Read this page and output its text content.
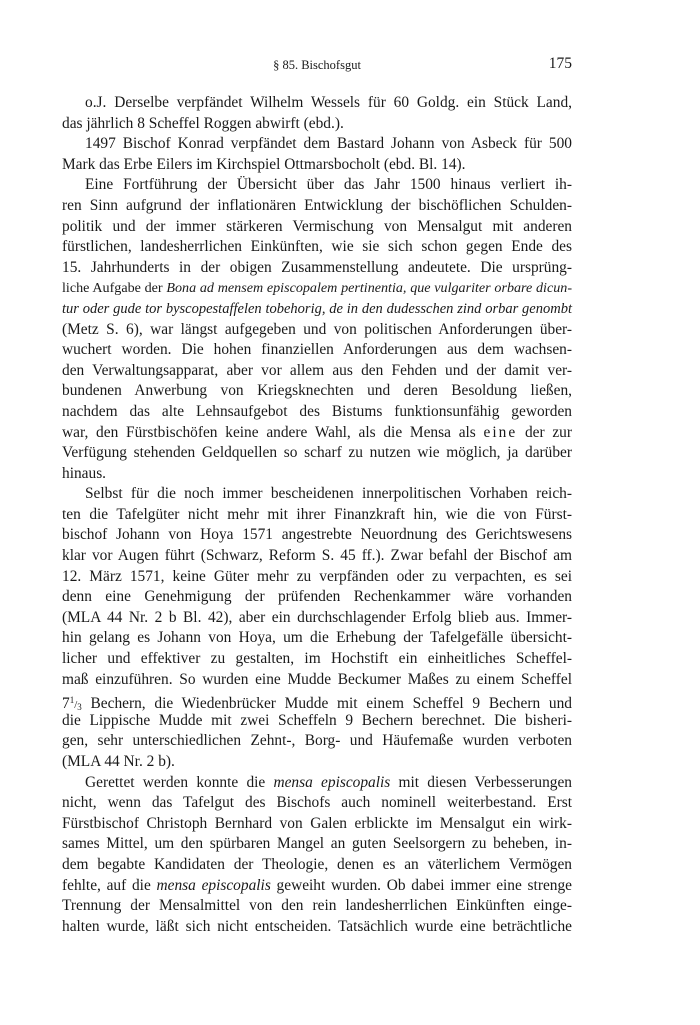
§ 85. Bischofsgut	175
o.J. Derselbe verpfändet Wilhelm Wessels für 60 Goldg. ein Stück Land,
das jährlich 8 Scheffel Roggen abwirft (ebd.).
1497 Bischof Konrad verpfändet dem Bastard Johann von Asbeck für 500
Mark das Erbe Eilers im Kirchspiel Ottmarsbocholt (ebd. Bl. 14).
Eine Fortführung der Übersicht über das Jahr 1500 hinaus verliert ih-
ren Sinn aufgrund der inflationären Entwicklung der bischöflichen Schulden-
politik und der immer stärkeren Vermischung von Mensalgut mit anderen
fürstlichen, landesherrlichen Einkünften, wie sie sich schon gegen Ende des
15. Jahrhunderts in der obigen Zusammenstellung andeutete. Die ursprüng-
liche Aufgabe der Bona ad mensem episcopalem pertinentia, que vulgariter orbare dicun-
tur oder gude tor byscopestaffelen tobehorig, de in den dudesschen zind orbar genombt
(Metz S. 6), war längst aufgegeben und von politischen Anforderungen über-
wuchert worden. Die hohen finanziellen Anforderungen aus dem wachsen-
den Verwaltungsapparat, aber vor allem aus den Fehden und der damit ver-
bundenen Anwerbung von Kriegsknechten und deren Besoldung ließen,
nachdem das alte Lehnsaufgebot des Bistums funktionsunfähig geworden
war, den Fürstbischöfen keine andere Wahl, als die Mensa als eine der zur
Verfügung stehenden Geldquellen so scharf zu nutzen wie möglich, ja darüber
hinaus.
Selbst für die noch immer bescheidenen innerpolitischen Vorhaben reich-
ten die Tafelgüter nicht mehr mit ihrer Finanzkraft hin, wie die von Fürst-
bischof Johann von Hoya 1571 angestrebte Neuordnung des Gerichtswesens
klar vor Augen führt (Schwarz, Reform S. 45 ff.). Zwar befahl der Bischof am
12. März 1571, keine Güter mehr zu verpfänden oder zu verpachten, es sei
denn eine Genehmigung der prüfenden Rechenkammer wäre vorhanden
(MLA 44 Nr. 2 b Bl. 42), aber ein durchschlagender Erfolg blieb aus. Immer-
hin gelang es Johann von Hoya, um die Erhebung der Tafelgefälle übersicht-
licher und effektiver zu gestalten, im Hochstift ein einheitliches Scheffel-
maß einzuführen. So wurden eine Mudde Beckumer Maßes zu einem Scheffel
$7^1/_3$ Bechern, die Wiedenbrücker Mudde mit einem Scheffel 9 Bechern und
die Lippische Mudde mit zwei Scheffeln 9 Bechern berechnet. Die bisheri-
gen, sehr unterschiedlichen Zehnt-, Borg- und Häufemaße wurden verboten
(MLA 44 Nr. 2 b).
Gerettet werden konnte die mensa episcopalis mit diesen Verbesserungen
nicht, wenn das Tafelgut des Bischofs auch nominell weiterbestand. Erst
Fürstbischof Christoph Bernhard von Galen erblickte im Mensalgut ein wirk-
sames Mittel, um den spürbaren Mangel an guten Seelsorgern zu beheben, in-
dem begabte Kandidaten der Theologie, denen es an väterlichem Vermögen
fehlte, auf die mensa episcopalis geweiht wurden. Ob dabei immer eine strenge
Trennung der Mensalmittel von den rein landesherrlichen Einkünften einge-
halten wurde, läßt sich nicht entscheiden. Tatsächlich wurde eine beträchtliche
